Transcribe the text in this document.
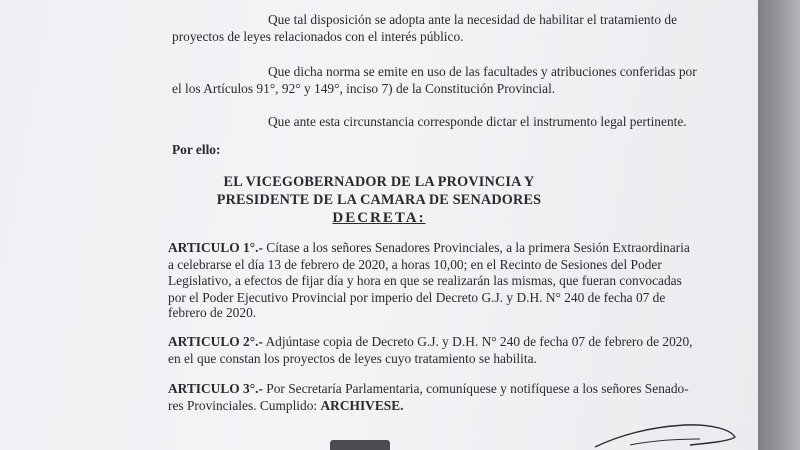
Que tal disposición se adopta ante la necesidad de habilitar el tratamiento de
proyectos de leyes relacionados con el interés público.
Que dicha norma se emite en uso de las facultades y atribuciones conferidas por
el los Artículos 91°, 92° y 149°, inciso 7) de la Constitución Provincial.
Que ante esta circunstancia corresponde dictar el instrumento legal pertinente.
Por ello:
EL VICEGOBERNADOR DE LA PROVINCIA Y
PRESIDENTE DE LA CAMARA DE SENADORES
DECRETA:
ARTICULO 1°.- Cítase a los señores Senadores Provinciales, a la primera Sesión Extraordinaria
a celebrarse el día 13 de febrero de 2020, a horas 10,00; en el Recinto de Sesiones del Poder
Legislativo, a efectos de fijar día y hora en que se realizarán las mismas, que fueran convocadas
por el Poder Ejecutivo Provincial por imperio del Decreto G.J. y D.H. N° 240 de fecha 07 de
febrero de 2020.
ARTICULO 2°.- Adjúntase copia de Decreto G.J. y D.H. N° 240 de fecha 07 de febrero de 2020,
en el que constan los proyectos de leyes cuyo tratamiento se habilita.
ARTICULO 3°.- Por Secretaría Parlamentaria, comuníquese y notifíquese a los señores Senado-
res Provinciales. Cumplido: ARCHIVESE.
